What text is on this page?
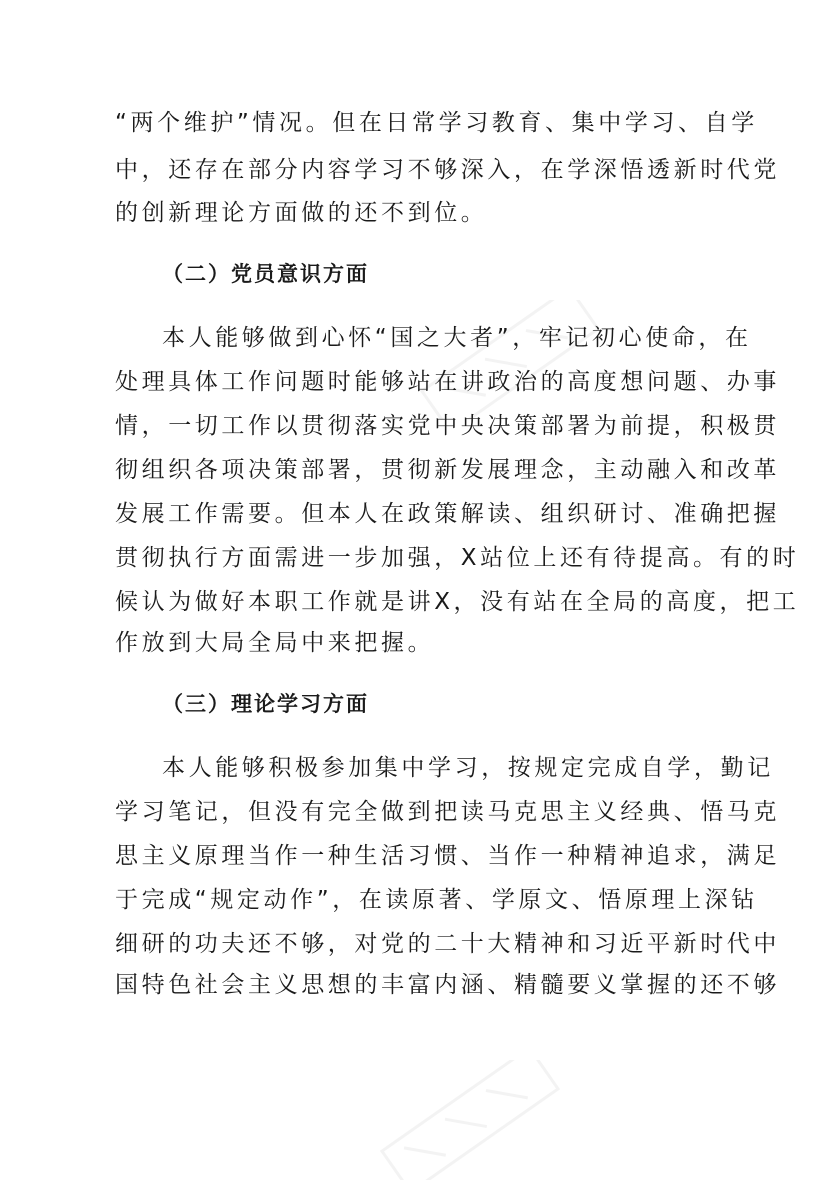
“两个维护”情况。但在日常学习教育、集中学习、自学
中，还存在部分内容学习不够深入，在学深悟透新时代党
的创新理论方面做的还不到位。
（二）党员意识方面
本人能够做到心怀“国之大者”，牢记初心使命，在
处理具体工作问题时能够站在讲政治的高度想问题、办事
情，一切工作以贯彻落实党中央决策部署为前提，积极贯
彻组织各项决策部署，贯彻新发展理念，主动融入和改革
发展工作需要。但本人在政策解读、组织研讨、准确把握
贯彻执行方面需进一步加强，X站位上还有待提高。有的时
候认为做好本职工作就是讲X，没有站在全局的高度，把工
作放到大局全局中来把握。
（三）理论学习方面
本人能够积极参加集中学习，按规定完成自学，勤记
学习笔记，但没有完全做到把读马克思主义经典、悟马克
思主义原理当作一种生活习惯、当作一种精神追求，满足
于完成“规定动作”，在读原著、学原文、悟原理上深钻
细研的功夫还不够，对党的二十大精神和习近平新时代中
国特色社会主义思想的丰富内涵、精髓要义掌握的还不够
